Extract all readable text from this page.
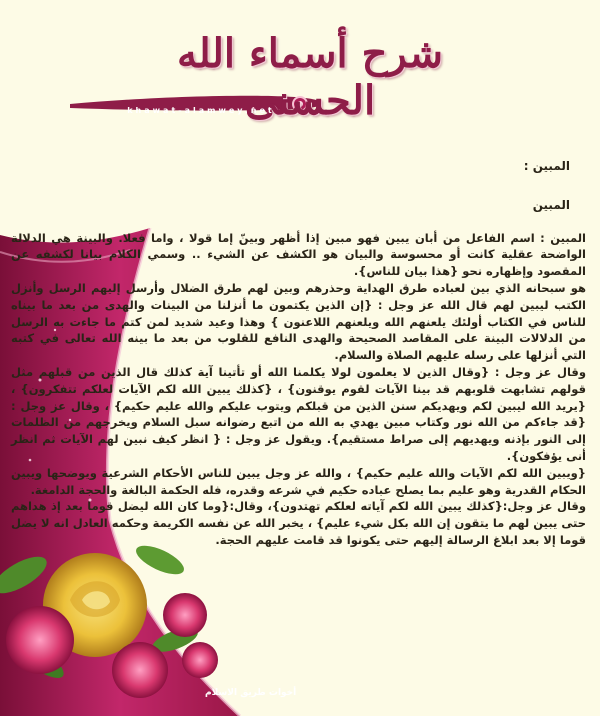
شرح أسماء الله الحسنى
khawat-alamwey.net
المبين :
المبين

المبين : اسم الفاعل من أبان يبين فهو مبين إذا أظهر وبينّ إما قولا ، واما فعلا. والبينة هي الدلالة الواضحة عقلية كانت أو محسوسة والبيان هو الكشف عن الشيء .. وسمي الكلام بيانا لكشفه عن المقصود وإظهاره نحو {هذا بيان للناس}.

هو سبحانه الذي بين لعباده طرق الهداية وحذرهم وبين لهم طرق الضلال وأرسل إليهم الرسل وأنزل الكتب ليبين لهم قال الله عز وجل : {إن الذين يكتمون ما أنزلنا من البينات والهدى من بعد ما بيناه للناس في الكتاب أولئك يلعنهم الله ويلعنهم اللاعنون } وهذا وعيد شديد لمن كتم ما جاءت به الرسل من الدلالات البينة على المقاصد الصحيحة والهدى النافع للقلوب من بعد ما بينه الله تعالى في كتبه التي أنزلها على رسله عليهم الصلاة والسلام.

وقال عز وجل : {وقال الذين لا يعلمون لولا يكلمنا الله أو تأتينا آية كذلك قال الذين من قبلهم مثل قولهم تشابهت قلوبهم قد بينا الآيات لقوم يوقنون} ، {كذلك يبين الله لكم الآيات لعلكم تتفكرون} ، {يريد الله ليبين لكم ويهديكم سنن الذين من قبلكم ويتوب عليكم والله عليم حكيم} ، وقال عز وجل : {قد جاءكم من الله نور وكتاب مبين يهدي به الله من اتبع رضوانه سبل السلام ويخرجهم من الظلمات إلى النور بإذنه ويهديهم إلى صراط مستقيم}. ويقول عز وجل : { انظر كيف نبين لهم الآيات ثم انظر أنى يؤفكون}.

{ويبين الله لكم الآيات والله عليم حكيم} ، والله عز وجل يبين للناس الأحكام الشرعية ويوضحها ويبين الحكام القدرية وهو عليم بما يصلح عباده حكيم في شرعه وقدره، فله الحكمة البالغة والحجة الدامغة.

وقال عز وجل:{كذلك يبين الله لكم آياته لعلكم تهتدون}، وقال:{وما كان الله ليضل قوما بعد إذ هداهم حتى يبين لهم ما يتقون إن الله بكل شيء عليم} ، يخبر الله عن نفسه الكريمة وحكمه العادل انه لا يضل قوما إلا بعد ابلاغ الرسالة إليهم حتى يكونوا قد قامت عليهم الحجة.

أخوات طريق الاسلام
